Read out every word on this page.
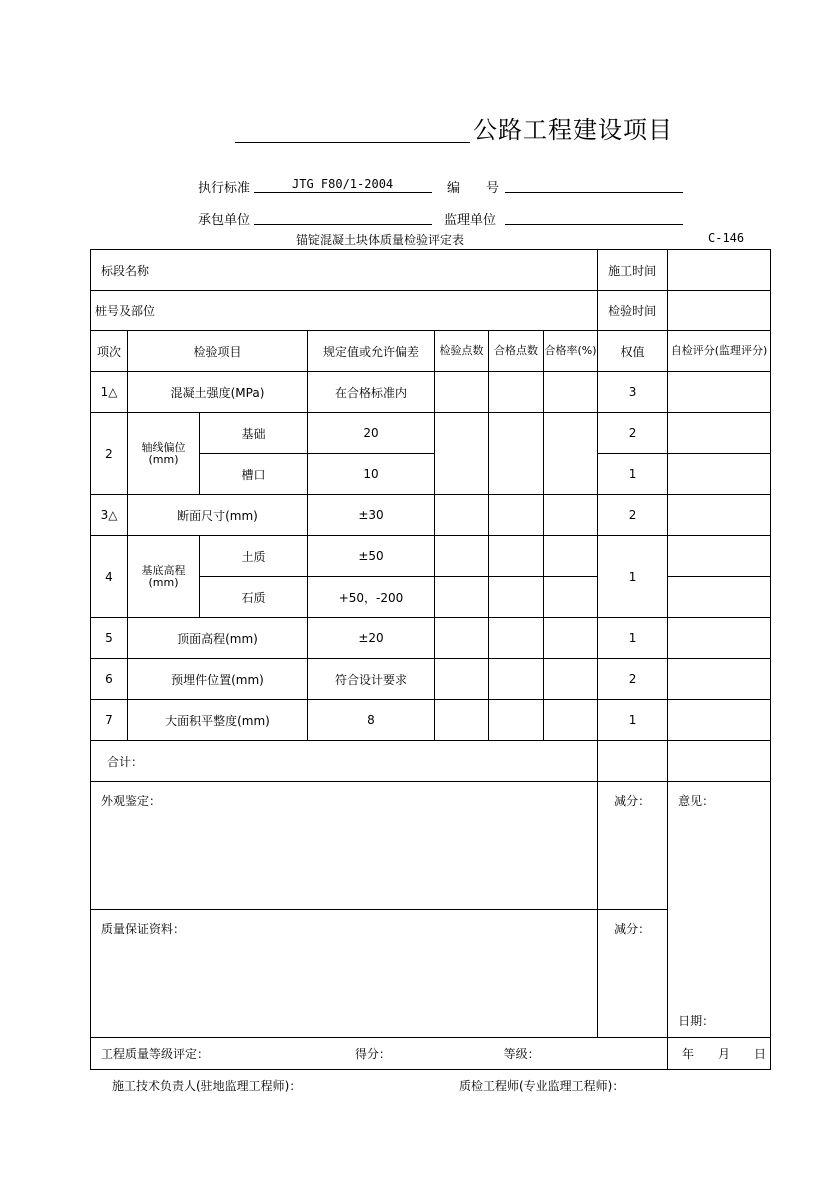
公路工程建设项目
执行标准	JTG F80/1-2004	编　　号
承包单位	监理单位
锚锭混凝土块体质量检验评定表	C-146
标段名称							施工时间	
桩号及部位							检验时间	
项次	检验项目		规定值或允许偏差	检验点数	合格点数	合格率(%)	权值	自检评分(监理评分)
1△	混凝土强度(MPa)		在合格标准内				3	
2	轴线偏位(mm)	基础	20				2	
		槽口	10				1	
3△	断面尺寸(mm)		±30				2	
4	基底高程(mm)	土质	±50				1	
		石质	+50，-200					
5	顶面高程(mm)		±20				1	
6	预埋件位置(mm)		符合设计要求				2	
7	大面积平整度(mm)		8				1	
合计：								
外观鉴定：							减分：	意见：
日期：

质量保证资料：							减分：	
工程质量等级评定： 得分： 等级：								年　　月　　日
施工技术负责人(驻地监理工程师)：	质检工程师(专业监理工程师)：
